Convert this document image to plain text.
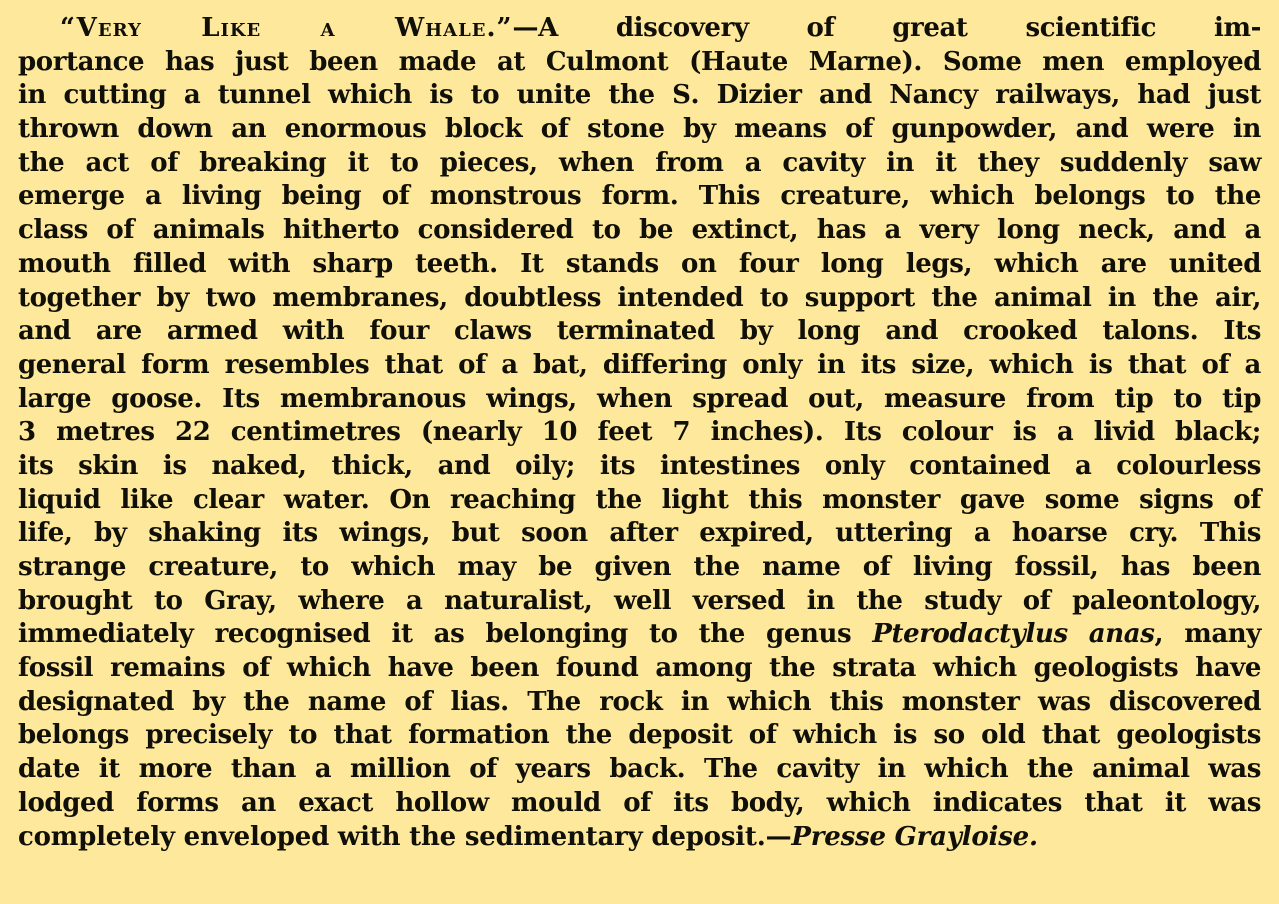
“Very Like a Whale.”—A discovery of great scientific im-
portance has just been made at Culmont (Haute Marne). Some men employed
in cutting a tunnel which is to unite the S․ Dizier and Nancy railways, had just
thrown down an enormous block of stone by means of gunpowder, and were in
the act of breaking it to pieces, when from a cavity in it they suddenly saw
emerge a living being of monstrous form. This creature, which belongs to the
class of animals hitherto considered to be extinct, has a very long neck, and a
mouth filled with sharp teeth. It stands on four long legs, which are united
together by two membranes, doubtless intended to support the animal in the air,
and are armed with four claws terminated by long and crooked talons. Its
general form resembles that of a bat, differing only in its size, which is that of a
large goose. Its membranous wings, when spread out, measure from tip to tip
3 metres 22 centimetres (nearly 10 feet 7 inches). Its colour is a livid black;
its skin is naked, thick, and oily; its intestines only contained a colourless
liquid like clear water. On reaching the light this monster gave some signs of
life, by shaking its wings, but soon after expired, uttering a hoarse cry. This
strange creature, to which may be given the name of living fossil, has been
brought to Gray, where a naturalist, well versed in the study of paleontology,
immediately recognised it as belonging to the genus Pterodactylus anas, many
fossil remains of which have been found among the strata which geologists have
designated by the name of lias. The rock in which this monster was discovered
belongs precisely to that formation the deposit of which is so old that geologists
date it more than a million of years back. The cavity in which the animal was
lodged forms an exact hollow mould of its body, which indicates that it was
completely enveloped with the sedimentary deposit.—Presse Grayloise.
